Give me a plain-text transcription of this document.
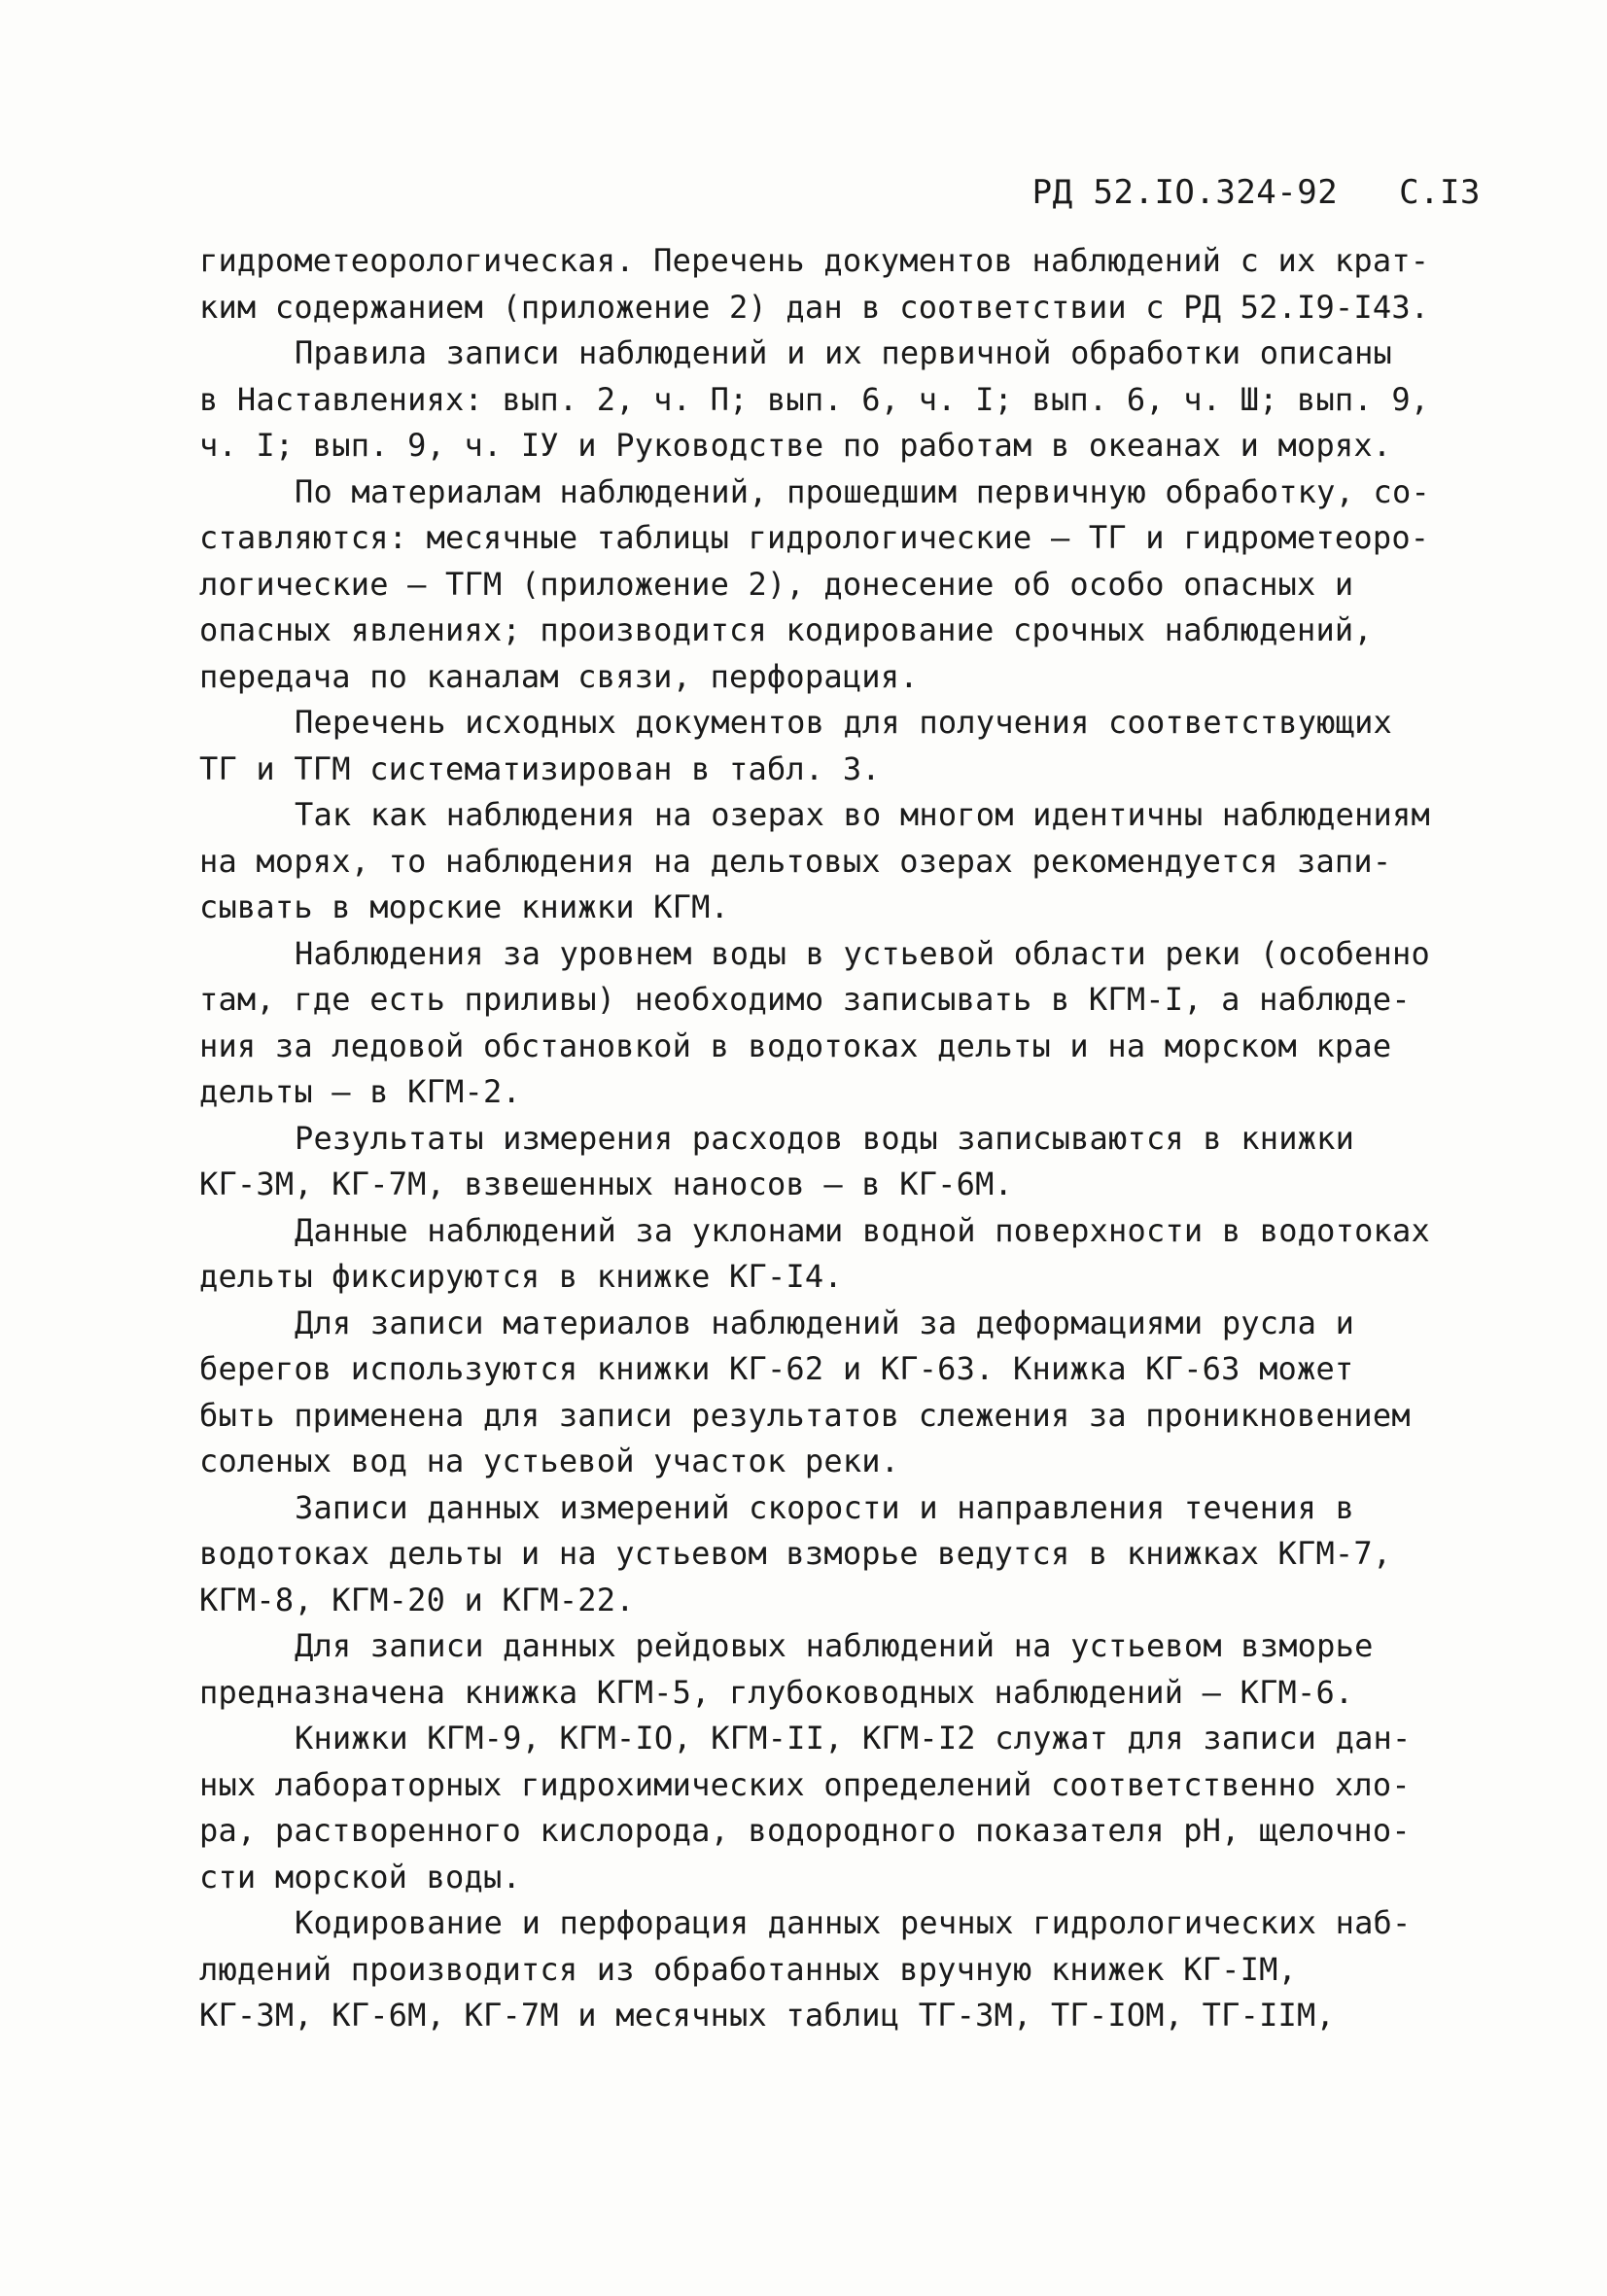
РД 52.IO.324-92 С.I3
гидрометеорологическая. Перечень документов наблюдений с их крат-
ким содержанием (приложение 2) дан в соответствии с РД 52.I9-I43.
Правила записи наблюдений и их первичной обработки описаны
в Наставлениях: вып. 2, ч. П; вып. 6, ч. I; вып. 6, ч. Ш; вып. 9,
ч. I; вып. 9, ч. IУ и Руководстве по работам в океанах и морях.
По материалам наблюдений, прошедшим первичную обработку, со-
ставляются: месячные таблицы гидрологические – ТГ и гидрометеоро-
логические – ТГМ (приложение 2), донесение об особо опасных и
опасных явлениях; производится кодирование срочных наблюдений,
передача по каналам связи, перфорация.
Перечень исходных документов для получения соответствующих
ТГ и ТГМ систематизирован в табл. 3.
Так как наблюдения на озерах во многом идентичны наблюдениям
на морях, то наблюдения на дельтовых озерах рекомендуется запи-
сывать в морские книжки КГМ.
Наблюдения за уровнем воды в устьевой области реки (особенно
там, где есть приливы) необходимо записывать в КГМ-I, а наблюде-
ния за ледовой обстановкой в водотоках дельты и на морском крае
дельты – в КГМ-2.
Результаты измерения расходов воды записываются в книжки
КГ-3М, КГ-7М, взвешенных наносов – в КГ-6М.
Данные наблюдений за уклонами водной поверхности в водотоках
дельты фиксируются в книжке КГ-I4.
Для записи материалов наблюдений за деформациями русла и
берегов используются книжки КГ-62 и КГ-63. Книжка КГ-63 может
быть применена для записи результатов слежения за проникновением
соленых вод на устьевой участок реки.
Записи данных измерений скорости и направления течения в
водотоках дельты и на устьевом взморье ведутся в книжках КГМ-7,
КГМ-8, КГМ-20 и КГМ-22.
Для записи данных рейдовых наблюдений на устьевом взморье
предназначена книжка КГМ-5, глубоководных наблюдений – КГМ-6.
Книжки КГМ-9, КГМ-IO, КГМ-II, КГМ-I2 служат для записи дан-
ных лабораторных гидрохимических определений соответственно хло-
ра, растворенного кислорода, водородного показателя pH, щелочно-
сти морской воды.
Кодирование и перфорация данных речных гидрологических наб-
людений производится из обработанных вручную книжек КГ-IМ,
КГ-3М, КГ-6М, КГ-7М и месячных таблиц ТГ-3М, ТГ-IOM, ТГ-IIМ,
